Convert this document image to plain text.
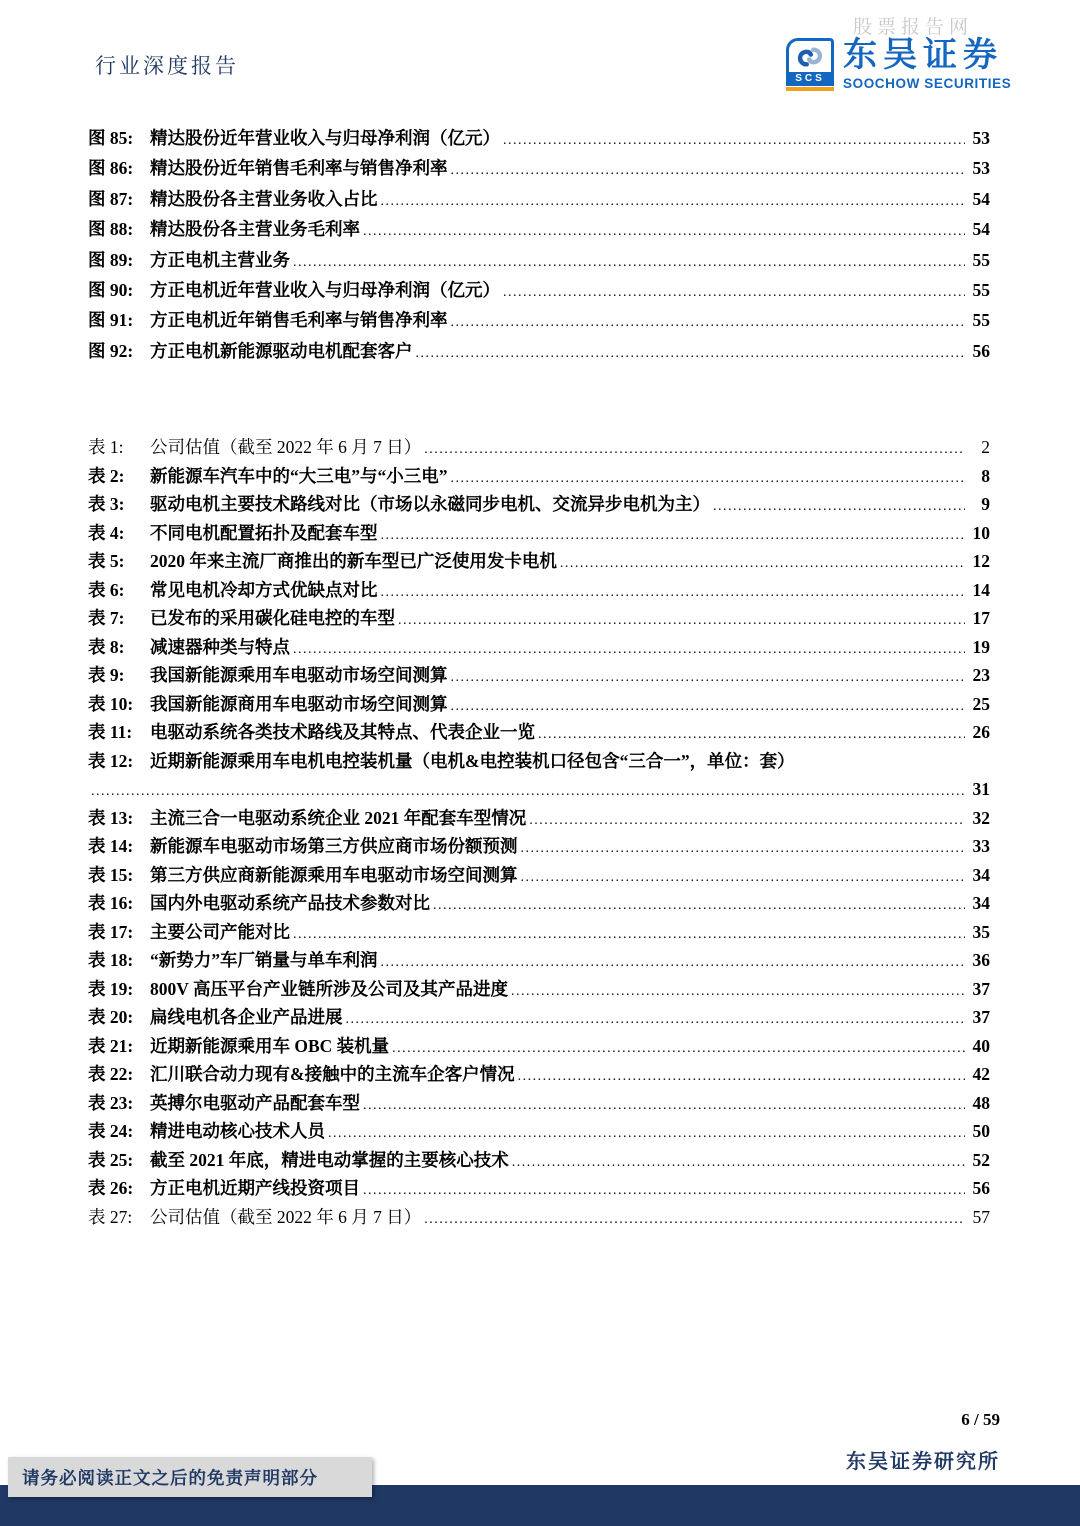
行业深度报告
股票报告网
SCS
东吴证券
SOOCHOW SECURITIES
图 85: 精达股份近年营业收入与归母净利润（亿元） .....	53
图 86: 精达股份近年销售毛利率与销售净利率 .....	53
图 87: 精达股份各主营业务收入占比 .....	54
图 88: 精达股份各主营业务毛利率 .....	54
图 89: 方正电机主营业务 .....	55
图 90: 方正电机近年营业收入与归母净利润（亿元） .....	55
图 91: 方正电机近年销售毛利率与销售净利率 .....	55
图 92: 方正电机新能源驱动电机配套客户 .....	56
表 1:	公司估值（截至 2022 年 6 月 7 日） .....	2
表 2:	新能源车汽车中的“大三电”与“小三电” .....	8
表 3:	驱动电机主要技术路线对比（市场以永磁同步电机、交流异步电机为主） .....	9
表 4:	不同电机配置拓扑及配套车型 .....	10
表 5:	2020 年来主流厂商推出的新车型已广泛使用发卡电机 .....	12
表 6:	常见电机冷却方式优缺点对比 .....	14
表 7:	已发布的采用碳化硅电控的车型 .....	17
表 8:	减速器种类与特点 .....	19
表 9:	我国新能源乘用车电驱动市场空间测算 .....	23
表 10: 我国新能源商用车电驱动市场空间测算 .....	25
表 11:	电驱动系统各类技术路线及其特点、代表企业一览 .....	26
表 12: 近期新能源乘用车电机电控装机量（电机&电控装机口径包含“三合一”，单位：套）
.....
31
表 13: 主流三合一电驱动系统企业 2021 年配套车型情况 .....	32
表 14: 新能源车电驱动市场第三方供应商市场份额预测 .....	33
表 15: 第三方供应商新能源乘用车电驱动市场空间测算 .....	34
表 16: 国内外电驱动系统产品技术参数对比 .....	34
表 17: 主要公司产能对比 .....	35
表 18: “新势力”车厂销量与单车利润 .....	36
表 19: 800V 高压平台产业链所涉及公司及其产品进度 .....	37
表 20: 扁线电机各企业产品进展 .....	37
表 21: 近期新能源乘用车 OBC 装机量 .....	40
表 22: 汇川联合动力现有&接触中的主流车企客户情况 .....	42
表 23: 英搏尔电驱动产品配套车型 .....	48
表 24: 精进电动核心技术人员 .....	50
表 25: 截至 2021 年底，精进电动掌握的主要核心技术 .....	52
表 26: 方正电机近期产线投资项目 .....	56
表 27:	公司估值（截至 2022 年 6 月 7 日） .....	57
6 / 59
东吴证券研究所
请务必阅读正文之后的免责声明部分
